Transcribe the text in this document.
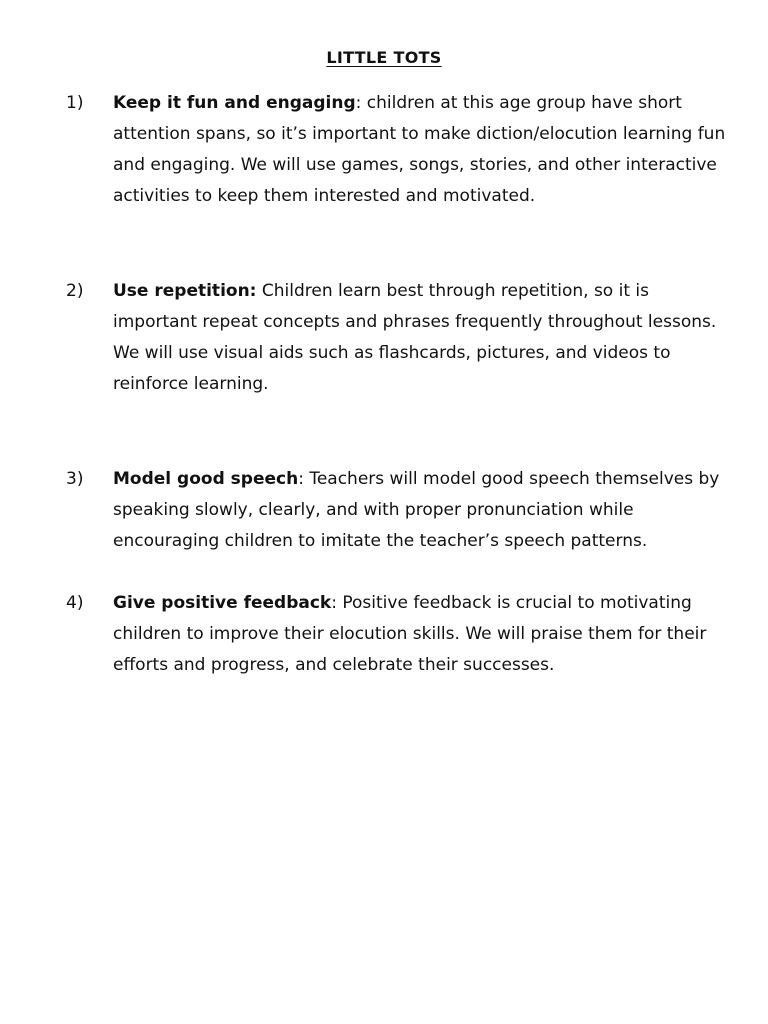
LITTLE TOTS
1)	Keep it fun and engaging: children at this age group have short attention spans, so it’s important to make diction/elocution learning fun and engaging. We will use games, songs, stories, and other interactive activities to keep them interested and motivated.
2)	Use repetition: Children learn best through repetition, so it is important repeat concepts and phrases frequently throughout lessons. We will use visual aids such as flashcards, pictures, and videos to reinforce learning.
3)	Model good speech: Teachers will model good speech themselves by speaking slowly, clearly, and with proper pronunciation while encouraging children to imitate the teacher’s speech patterns.
4)	Give positive feedback: Positive feedback is crucial to motivating children to improve their elocution skills. We will praise them for their efforts and progress, and celebrate their successes.
